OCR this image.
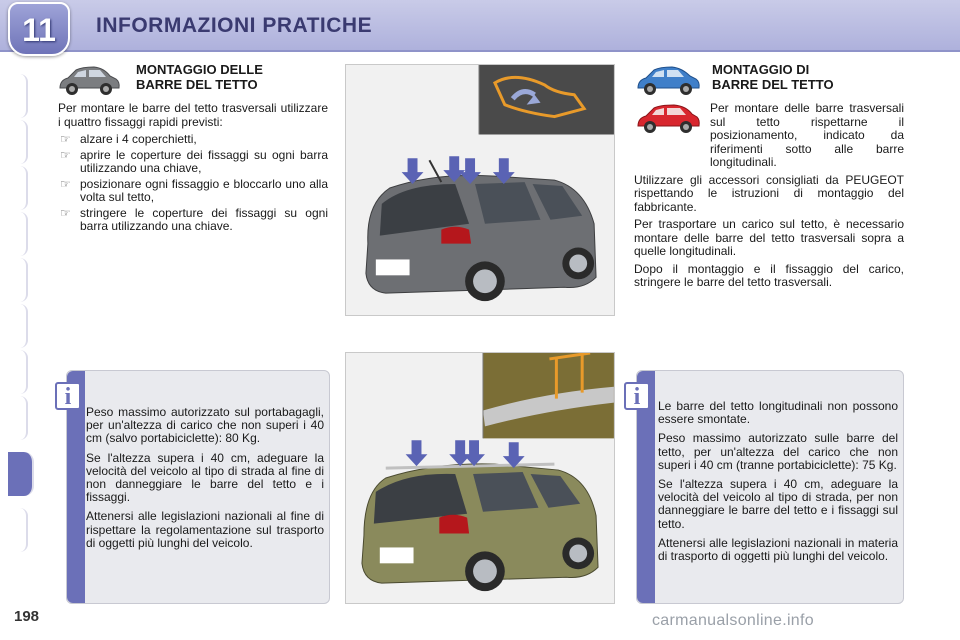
11	INFORMAZIONI PRATICHE
MONTAGGIO DELLE
BARRE DEL TETTO
Per montare le barre del tetto trasversali utilizzare i quattro fissaggi rapidi previsti:
☞ alzare i 4 coperchietti,
☞ aprire le coperture dei fissaggi su ogni barra utilizzando una chiave,
☞ posizionare ogni fissaggio e bloccarlo uno alla volta sul tetto,
☞ stringere le coperture dei fissaggi su ogni barra utilizzando una chiave.
MONTAGGIO DI
BARRE DEL TETTO

Per montare delle barre trasversali sul tetto rispettarne il posizionamento, indicato da riferimenti sotto alle barre longitudinali.

Utilizzare gli accessori consigliati da PEUGEOT rispettando le istruzioni di montaggio del fabbricante.

Per trasportare un carico sul tetto, è necessario montare delle barre del tetto trasversali sopra a quelle longitudinali.

Dopo il montaggio e il fissaggio del carico, stringere le barre del tetto trasversali.

i

Peso massimo autorizzato sul portabagagli, per un'altezza di carico che non superi i 40 cm (salvo portabiciclette): 80 Kg.

Se l'altezza supera i 40 cm, adeguare la velocità del veicolo al tipo di strada al fine di non danneggiare le barre del tetto e i fissaggi.

Attenersi alle legislazioni nazionali al fine di rispettare la regolamentazione sul trasporto di oggetti più lunghi del veicolo.

i	Le barre del tetto longitudinali non possono essere smontate.

Peso massimo autorizzato sulle barre del tetto, per un'altezza del carico che non superi i 40 cm (tranne portabiciclette): 75 Kg.

Se l'altezza supera i 40 cm, adeguare la velocità del veicolo al tipo di strada, per non danneggiare le barre del tetto e i fissaggi sul tetto.

Attenersi alle legislazioni nazionali in materia di trasporto di oggetti più lunghi del veicolo.

198	carmanualsonline.info
